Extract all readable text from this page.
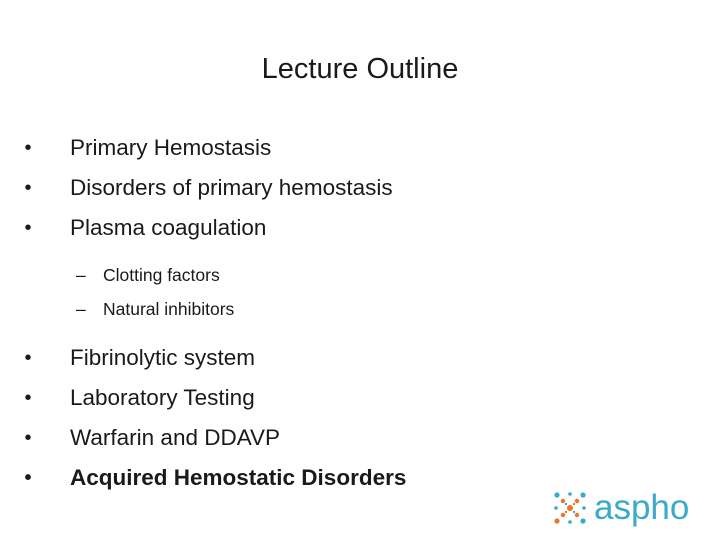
Lecture Outline
• Primary Hemostasis
• Disorders of primary hemostasis
• Plasma coagulation
– Clotting factors
– Natural inhibitors
• Fibrinolytic system
• Laboratory Testing
• Warfarin and DDAVP
• Acquired Hemostatic Disorders
aspho
